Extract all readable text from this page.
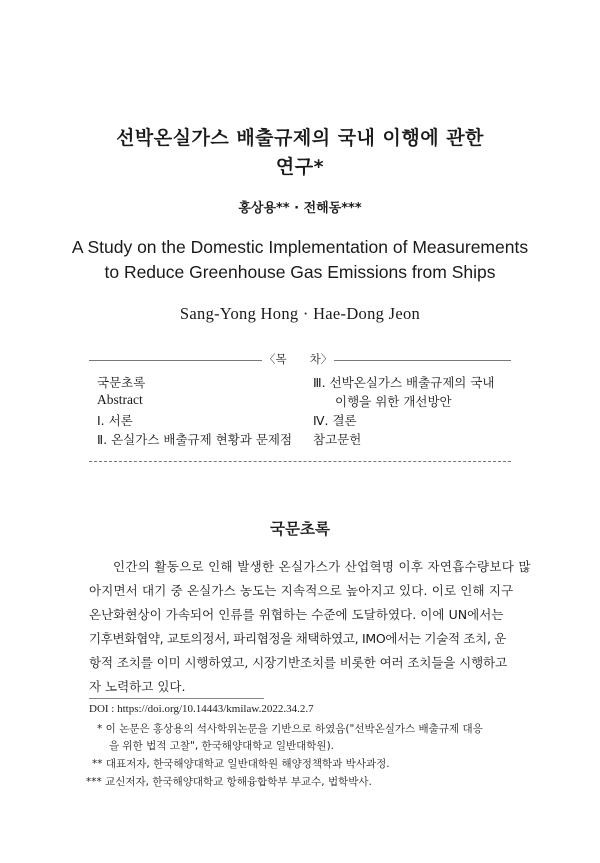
선박온실가스 배출규제의 국내 이행에 관한
연구*
홍상용** · 전해동***
A Study on the Domestic Implementation of Measurements
to Reduce Greenhouse Gas Emissions from Ships
Sang-Yong Hong · Hae-Dong Jeon
〈목　　차〉
국문초록
Abstract
Ⅰ. 서론
Ⅱ. 온실가스 배출규제 현황과 문제점
Ⅲ. 선박온실가스 배출규제의 국내
이행을 위한 개선방안
Ⅳ. 결론
참고문헌
국문초록
인간의 활동으로 인해 발생한 온실가스가 산업혁명 이후 자연흡수량보다 많
아지면서 대기 중 온실가스 농도는 지속적으로 높아지고 있다. 이로 인해 지구
온난화현상이 가속되어 인류를 위협하는 수준에 도달하였다. 이에 UN에서는
기후변화협약, 교토의정서, 파리협정을 채택하였고, IMO에서는 기술적 조치, 운
항적 조치를 이미 시행하였고, 시장기반조치를 비롯한 여러 조치들을 시행하고
자 노력하고 있다.
DOI : https://doi.org/10.14443/kmilaw.2022.34.2.7
* 이 논문은 홍상용의 석사학위논문을 기반으로 하였음("선박온실가스 배출규제 대응
을 위한 법적 고찰", 한국해양대학교 일반대학원).
** 대표저자, 한국해양대학교 일반대학원 해양정책학과 박사과정.
*** 교신저자, 한국해양대학교 항해융합학부 부교수, 법학박사.
